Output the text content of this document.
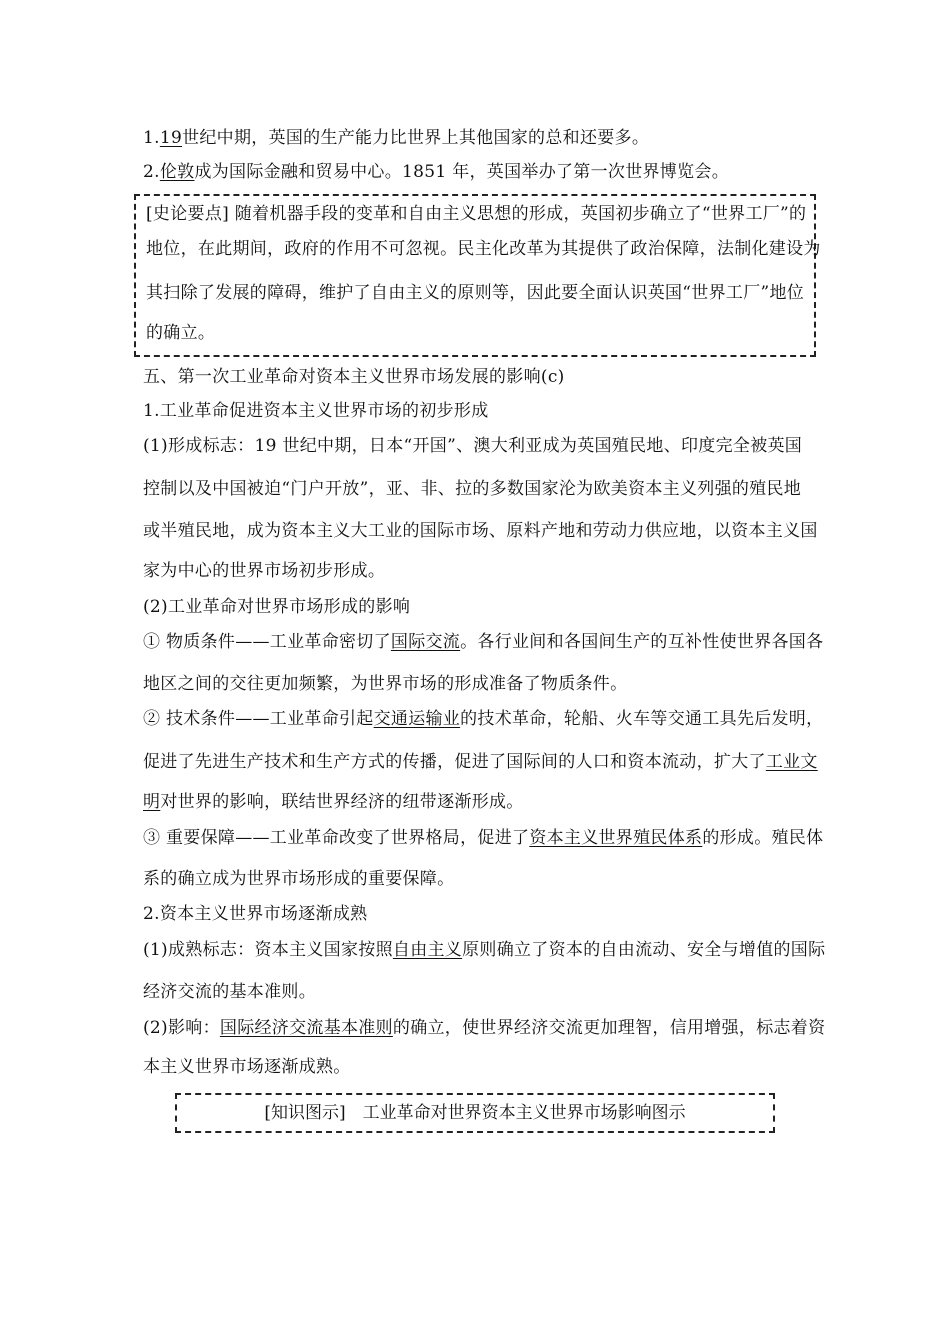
1.19世纪中期，英国的生产能力比世界上其他国家的总和还要多。
2.伦敦成为国际金融和贸易中心。1851 年，英国举办了第一次世界博览会。
[史论要点] 随着机器手段的变革和自由主义思想的形成，英国初步确立了“世界工厂”的
地位，在此期间，政府的作用不可忽视。民主化改革为其提供了政治保障，法制化建设为
其扫除了发展的障碍，维护了自由主义的原则等，因此要全面认识英国“世界工厂”地位
的确立。
五、第一次工业革命对资本主义世界市场发展的影响(c)
1.工业革命促进资本主义世界市场的初步形成
(1)形成标志：19 世纪中期，日本“开国”、澳大利亚成为英国殖民地、印度完全被英国
控制以及中国被迫“门户开放”，亚、非、拉的多数国家沦为欧美资本主义列强的殖民地
或半殖民地，成为资本主义大工业的国际市场、原料产地和劳动力供应地，以资本主义国
家为中心的世界市场初步形成。
(2)工业革命对世界市场形成的影响
① 物质条件——工业革命密切了国际交流。各行业间和各国间生产的互补性使世界各国各
地区之间的交往更加频繁，为世界市场的形成准备了物质条件。
② 技术条件——工业革命引起交通运输业的技术革命，轮船、火车等交通工具先后发明，
促进了先进生产技术和生产方式的传播，促进了国际间的人口和资本流动，扩大了工业文
明对世界的影响，联结世界经济的纽带逐渐形成。
③ 重要保障——工业革命改变了世界格局，促进了资本主义世界殖民体系的形成。殖民体
系的确立成为世界市场形成的重要保障。
2.资本主义世界市场逐渐成熟
(1)成熟标志：资本主义国家按照自由主义原则确立了资本的自由流动、安全与增值的国际
经济交流的基本准则。
(2)影响：国际经济交流基本准则的确立，使世界经济交流更加理智，信用增强，标志着资
本主义世界市场逐渐成熟。
[知识图示]　工业革命对世界资本主义世界市场影响图示
